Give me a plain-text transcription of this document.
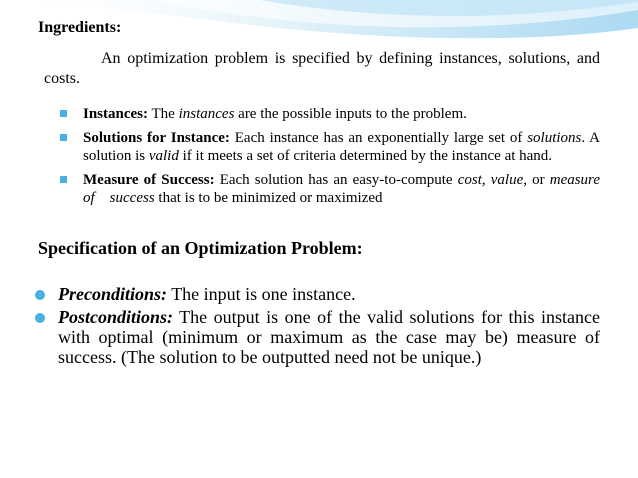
Ingredients:

An optimization problem is specified by defining instances, solutions, and costs.

Instances: The instances are the possible inputs to the problem.
Solutions for Instance: Each instance has an exponentially large set of solutions. A solution is valid if it meets a set of criteria determined by the instance at hand.
Measure of Success: Each solution has an easy-to-compute cost, value, or measure of success that is to be minimized or maximized

Specification of an Optimization Problem:

Preconditions: The input is one instance.
Postconditions: The output is one of the valid solutions for this instance with optimal (minimum or maximum as the case may be) measure of success. (The solution to be outputted need not be unique.)
